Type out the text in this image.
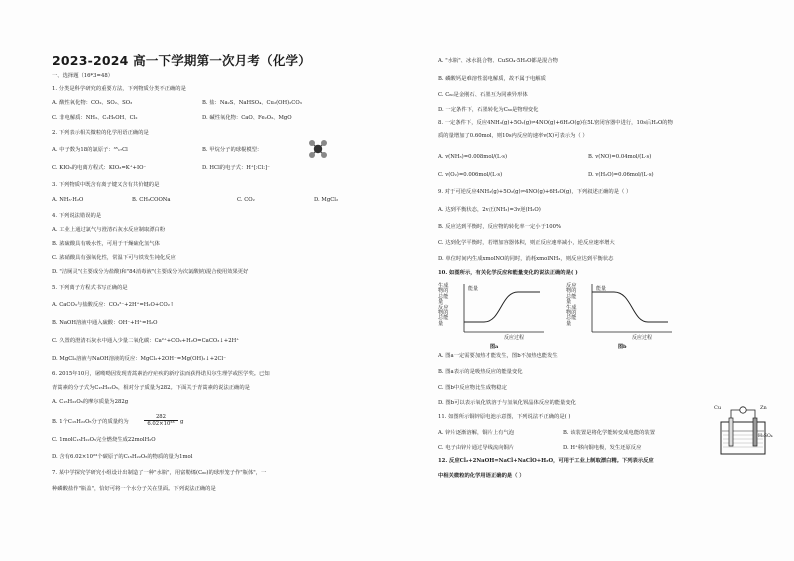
2023-2024 高一下学期第一次月考（化学）
一、选择题（16*3=48）
1. 分类是科学研究的重要方法，下列物质分类不正确的是
A. 酸性氧化物：CO₂、SO₂、SO₃	B. 盐：Na₂S、NaHSO₄、Cu₂(OH)₂CO₃
C. 非电解质：NH₃、C₂H₅OH、Cl₂	D. 碱性氧化物：CaO、Fe₂O₃、MgO
2. 下列表示相关微粒的化学用语正确的是
A. 中子数为18的氯原子：³⁵₁₇Cl	B. 甲烷分子的球棍模型：
C. KIO₃的电离方程式：KIO₃=K⁺+IO⁻	D. HCl的电子式：H⁺[:Cl:]⁻
3. 下列物质中既含有离子键又含有共价键的是
A. NH₃·H₂O	B. CH₃COONa	C. CO₂	D. MgCl₂
4. 下列说法错误的是
A. 工业上通过氯气与澄清石灰水反应制取漂白粉
B. 浓硫酸具有吸水性，可用于干燥硫化氢气体
C. 浓硝酸具有强氧化性，常温下可与铁发生钝化反应
D. "洁厕灵"(主要成分为盐酸)和"84消毒液"(主要成分为次氯酸钠)混合使用效果更好
5. 下列离子方程式书写正确的是
A. CaCO₃与盐酸反应：CO₃²⁻+2H⁺=H₂O+CO₂↑
B. NaOH溶液中通入硫酸：OH⁻+H⁺=H₂O
C. 久置的澄清石灰水中通入少量二氧化碳：Ca²⁺+CO₂+H₂O=CaCO₃↓+2H⁺
D. MgCl₂溶液与NaOH溶液的反应：MgCl₂+2OH⁻=Mg(OH)₂↓+2Cl⁻
6. 2015年10月，屠呦呦因发现青蒿素治疗疟疾的新疗法而获得诺贝尔生理学或医学奖。已知
青蒿素的分子式为C₁₅H₂₂O₅，相对分子质量为282。下面关于青蒿素的说法正确的是
A. C₁₅H₂₂O₅的摩尔质量为282g
B. 1个C₁₅H₂₂O₅分子的质量约为	$\frac{282}{\text{6.02×10²³}}$ g
C. 1molC₁₅H₂₂O₅完全燃烧生成22molH₂O
D. 含有6.02×10²³个碳原子的C₁₅H₂₂O₅的物质的量为1mol
7. 某中学探究学研究小组设计出制造了一种"水瓶"，用富勒烯(C₆₀)的球形笼子作"瓶体"，一
种磷酸盐作"瓶盖"，恰好可将一个水分子关在里面。下列说法正确的是
A. "水瓶"、冰水混合物、CuSO₄·5H₂O都是混合物
B. 磷酸钙是难溶性弱电解质，故不属于电解质
C. C₆₀是金刚石、石墨互为同素异形体
D. 一定条件下，石墨转化为C₆₀是物理变化
8. 一定条件下，反应4NH₃(g)+5O₂(g)⇌4NO(g)+6H₂O(g)在5L密闭容器中进行，10s后H₂O的物
质的量增加了0.60mol，则10s内反应的速率v(X)可表示为（ ）
A. v(NH₃)=0.008mol/(L·s)	B. v(NO)=0.04mol/(L·s)
C. v(O₂)=0.006mol/(L·s)	D. v(H₂O)=0.06mol/(L·s)
9. 对于可逆反应4NH₃(g)+5O₂(g)⇌4NO(g)+6H₂O(g)，下列叙述正确的是（ ）
A. 达到平衡状态，2v正(NH₃)=3v逆(H₂O)
B. 反应达到平衡时，反应物的转化率一定小于100%
C. 达到化学平衡时，若增加容器体积，则正反应速率减小，逆反应速率增大
D. 单位时间内生成xmolNO的同时，消耗xmolNH₃，则反应达到平衡状态
10. 如图所示，有关化学反应和能量变化的说法正确的是( )
生成
物的
总能
量
反应
物的
总能
量
能量
反应过程
图a
反应
物的
总能
量
生成
物的
总能
量
能量
反应过程
图b
A. 图a一定需要加热才能发生，图b不加热也能发生
B. 图a表示的是吸热反应的能量变化
C. 图b中反应物比生成物稳定
D. 图b可以表示氧化铁溶于与氢氧化钡晶体反应的能量变化
11. 如图所示铜锌原电池示意图，下列说法不正确的是( )
A. 锌片逐渐溶解，铜片上有气泡	B. 该装置是将化学能转变成电能的装置
C. 电子由锌片通过导线流向铜片	D. H⁺移向铜电极，发生还原反应
Cu	Zn
H₂SO₄
12. 反应Cl₂+2NaOH=NaCl+NaClO+H₂O，可用于工业上制取漂白精。下列表示反应
中相关微粒的化学用语正确的是（ ）
